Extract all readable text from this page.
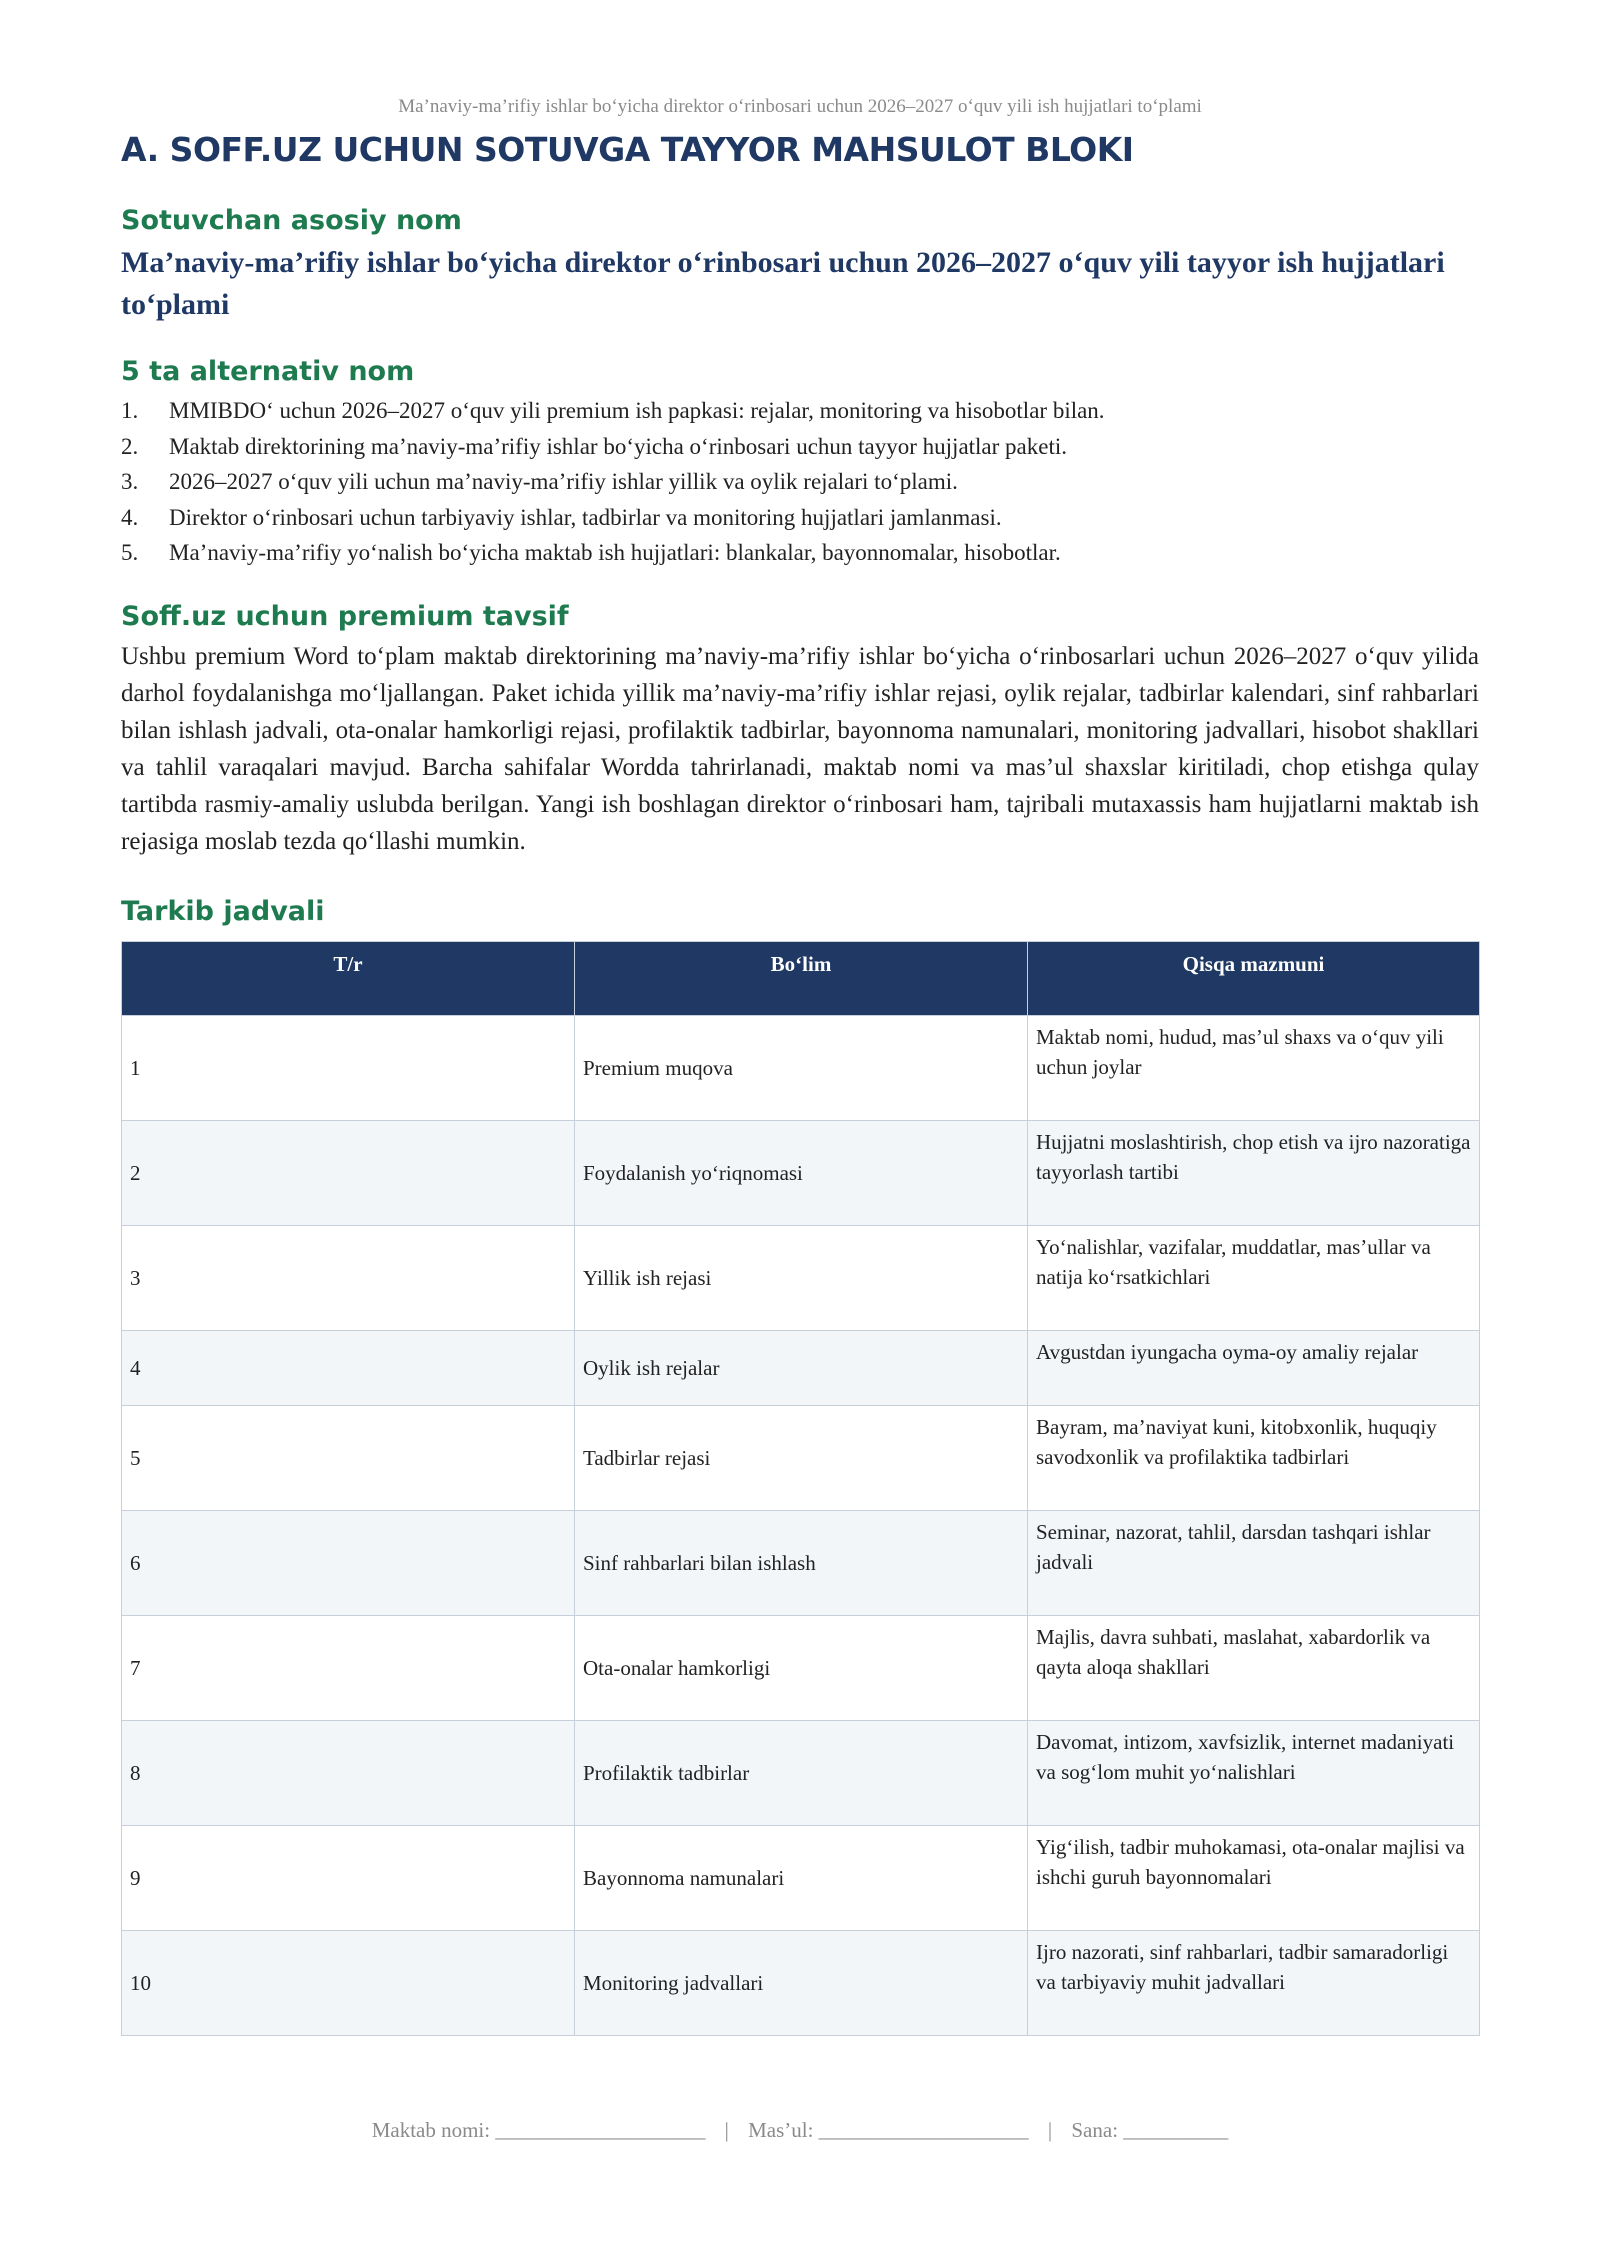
Ma’naviy-ma’rifiy ishlar bo‘yicha direktor o‘rinbosari uchun 2026–2027 o‘quv yili ish hujjatlari to‘plami
A. SOFF.UZ UCHUN SOTUVGA TAYYOR MAHSULOT BLOKI
Sotuvchan asosiy nom

Ma’naviy-ma’rifiy ishlar bo‘yicha direktor o‘rinbosari uchun 2026–2027 o‘quv yili tayyor ish hujjatlari to‘plami

5 ta alternativ nom
1.	MMIBDO‘ uchun 2026–2027 o‘quv yili premium ish papkasi: rejalar, monitoring va hisobotlar bilan.
2.	Maktab direktorining ma’naviy-ma’rifiy ishlar bo‘yicha o‘rinbosari uchun tayyor hujjatlar paketi.
3.	2026–2027 o‘quv yili uchun ma’naviy-ma’rifiy ishlar yillik va oylik rejalari to‘plami.
4.	Direktor o‘rinbosari uchun tarbiyaviy ishlar, tadbirlar va monitoring hujjatlari jamlanmasi.
5.	Ma’naviy-ma’rifiy yo‘nalish bo‘yicha maktab ish hujjatlari: blankalar, bayonnomalar, hisobotlar.
Soff.uz uchun premium tavsif

Ushbu premium Word to‘plam maktab direktorining ma’naviy-ma’rifiy ishlar bo‘yicha o‘rinbosarlari uchun 2026–2027 o‘quv yilida darhol foydalanishga mo‘ljallangan. Paket ichida yillik ma’naviy-ma’rifiy ishlar rejasi, oylik rejalar, tadbirlar kalendari, sinf rahbarlari bilan ishlash jadvali, ota-onalar hamkorligi rejasi, profilaktik tadbirlar, bayonnoma namunalari, monitoring jadvallari, hisobot shakllari va tahlil varaqalari mavjud. Barcha sahifalar Wordda tahrirlanadi, maktab nomi va mas’ul shaxslar kiritiladi, chop etishga qulay tartibda rasmiy-amaliy uslubda berilgan. Yangi ish boshlagan direktor o‘rinbosari ham, tajribali mutaxassis ham hujjatlarni maktab ish rejasiga moslab tezda qo‘llashi mumkin.

Tarkib jadvali
T/r	Bo‘lim	Qisqa mazmuni
1	Premium muqova	Maktab nomi, hudud, mas’ul shaxs va o‘quv yili uchun joylar
2	Foydalanish yo‘riqnomasi	Hujjatni moslashtirish, chop etish va ijro nazoratiga tayyorlash tartibi
3	Yillik ish rejasi	Yo‘nalishlar, vazifalar, muddatlar, mas’ullar va natija ko‘rsatkichlari
4	Oylik ish rejalar	Avgustdan iyungacha oyma-oy amaliy rejalar
5	Tadbirlar rejasi	Bayram, ma’naviyat kuni, kitobxonlik, huquqiy savodxonlik va profilaktika tadbirlari
6	Sinf rahbarlari bilan ishlash	Seminar, nazorat, tahlil, darsdan tashqari ishlar jadvali
7	Ota-onalar hamkorligi	Majlis, davra suhbati, maslahat, xabardorlik va qayta aloqa shakllari
8	Profilaktik tadbirlar	Davomat, intizom, xavfsizlik, internet madaniyati va sog‘lom muhit yo‘nalishlari
9	Bayonnoma namunalari	Yig‘ilish, tadbir muhokamasi, ota-onalar majlisi va ishchi guruh bayonnomalari
10	Monitoring jadvallari	Ijro nazorati, sinf rahbarlari, tadbir samaradorligi va tarbiyaviy muhit jadvallari
Maktab nomi: ____________________ | Mas’ul: ____________________ | Sana: __________
